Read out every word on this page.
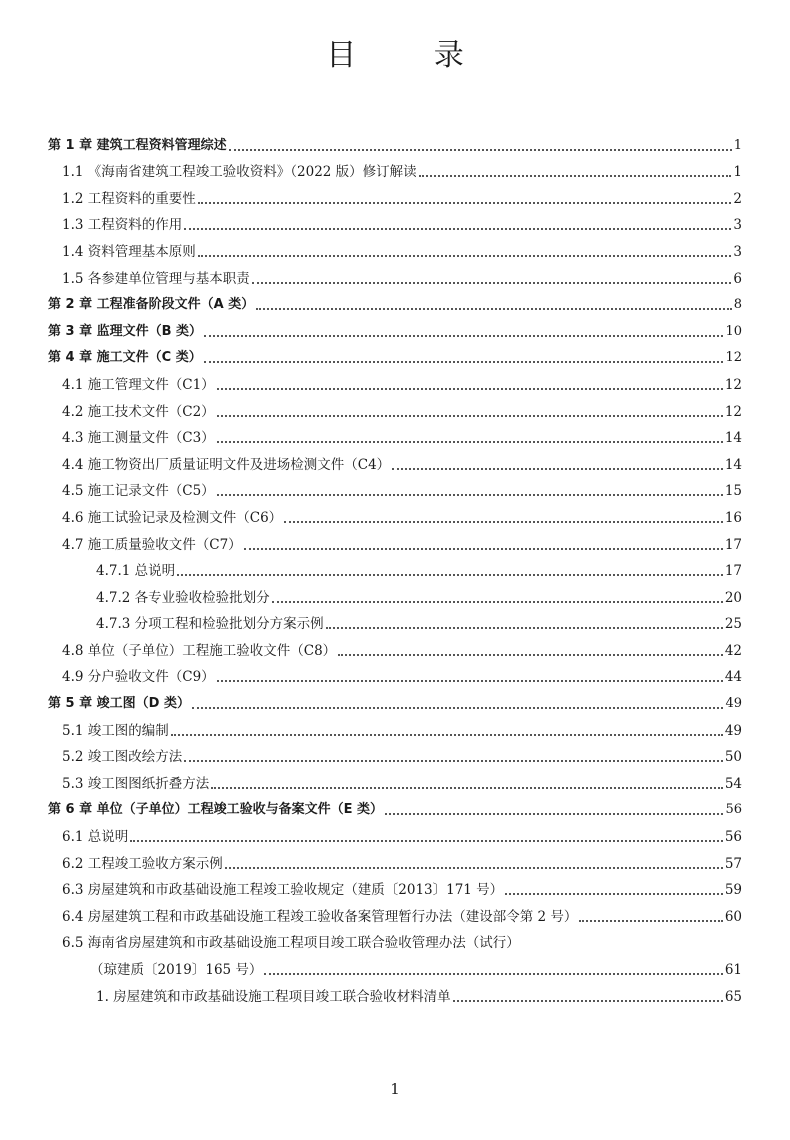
目 录
第 1 章 建筑工程资料管理综述	1
1.1 《海南省建筑工程竣工验收资料》（2022 版）修订解读	1
1.2 工程资料的重要性	2
1.3 工程资料的作用	3
1.4 资料管理基本原则	3
1.5 各参建单位管理与基本职责	6
第 2 章 工程准备阶段文件（A 类）	8
第 3 章 监理文件（B 类）	10
第 4 章 施工文件（C 类）	12
4.1 施工管理文件（C1）	12
4.2 施工技术文件（C2）	12
4.3 施工测量文件（C3）	14
4.4 施工物资出厂质量证明文件及进场检测文件（C4）	14
4.5 施工记录文件（C5）	15
4.6 施工试验记录及检测文件（C6）	16
4.7 施工质量验收文件（C7）	17
4.7.1 总说明	17
4.7.2 各专业验收检验批划分	20
4.7.3 分项工程和检验批划分方案示例	25
4.8 单位（子单位）工程施工验收文件（C8）	42
4.9 分户验收文件（C9）	44
第 5 章 竣工图（D 类）	49
5.1 竣工图的编制	49
5.2 竣工图改绘方法	50
5.3 竣工图图纸折叠方法	54
第 6 章 单位（子单位）工程竣工验收与备案文件（E 类）	56
6.1 总说明	56
6.2 工程竣工验收方案示例	57
6.3 房屋建筑和市政基础设施工程竣工验收规定（建质〔2013〕171 号）	59
6.4 房屋建筑工程和市政基础设施工程竣工验收备案管理暂行办法（建设部令第 2 号）	60
6.5 海南省房屋建筑和市政基础设施工程项目竣工联合验收管理办法（试行）
（琼建质〔2019〕165 号）	61
1. 房屋建筑和市政基础设施工程项目竣工联合验收材料清单	65
1
